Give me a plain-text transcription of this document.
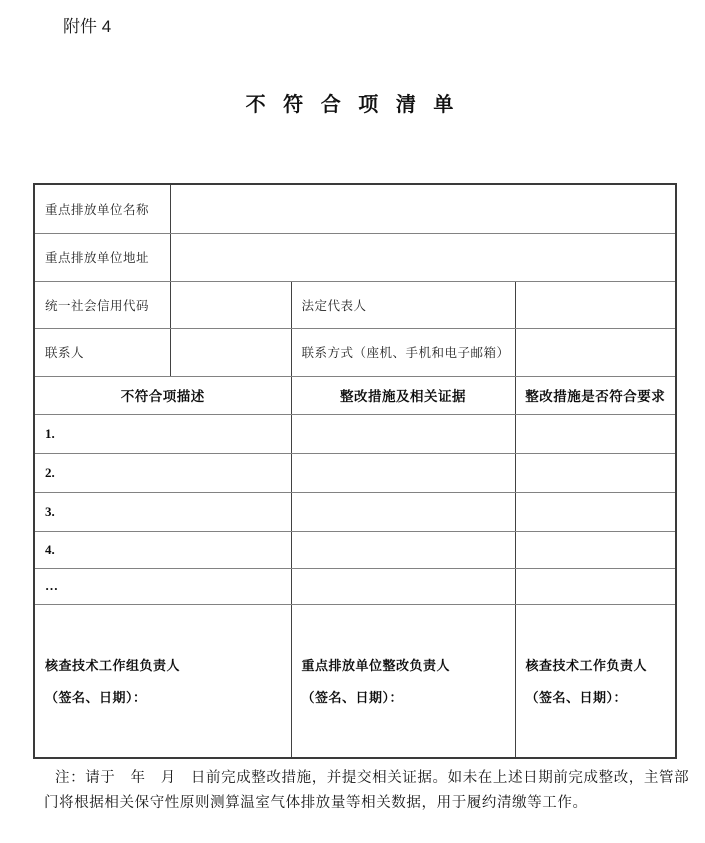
附件 4
不 符 合 项 清 单
重点排放单位名称			
重点排放单位地址			
统一社会信用代码		法定代表人	
联系人		联系方式（座机、手机和电子邮箱）	
不符合项描述		整改措施及相关证据	整改措施是否符合要求
1.			
2.			
3.			
4.			
…			

核查技术工作组负责人
（签名、日期）：

重点排放单位整改负责人
（签名、日期）：

核查技术工作负责人
（签名、日期）：
注：请于　年　月　日前完成整改措施，并提交相关证据。如未在上述日期前完成整改，主管部
门将根据相关保守性原则测算温室气体排放量等相关数据，用于履约清缴等工作。
